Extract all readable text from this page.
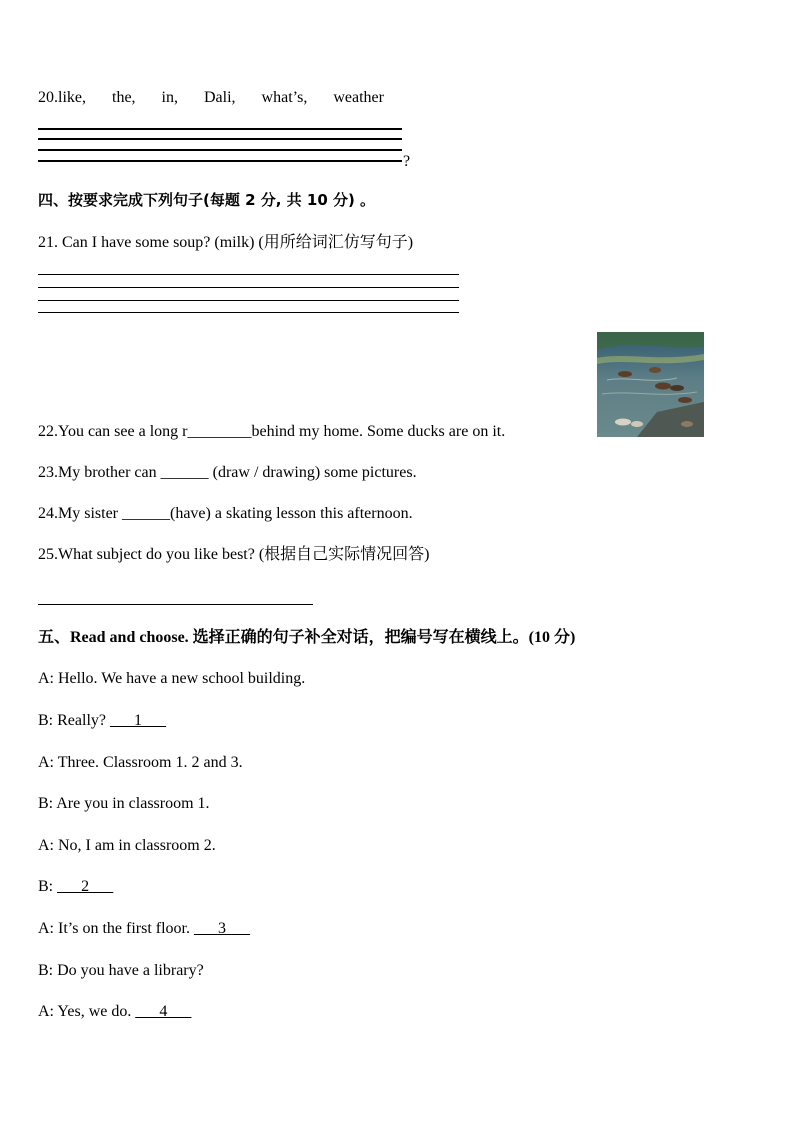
20.like, the, in, Dali, what’s, weather
?
四、按要求完成下列句子(每题 2 分, 共 10 分) 。
21. Can I have some soup? (milk) (用所给词汇仿写句子)
22.You can see a long r________behind my home. Some ducks are on it.
23.My brother can ______ (draw / drawing) some pictures.
24.My sister ______(have) a skating lesson this afternoon.
25.What subject do you like best? (根据自己实际情况回答)
五、Read and choose. 选择正确的句子补全对话，把编号写在横线上。(10 分)
A: Hello. We have a new school building.
B: Really? ___1___
A: Three. Classroom 1. 2 and 3.
B: Are you in classroom 1.
A: No, I am in classroom 2.
B: ___2___
A: It’s on the first floor. ___3___
B: Do you have a library?
A: Yes, we do. ___4___
